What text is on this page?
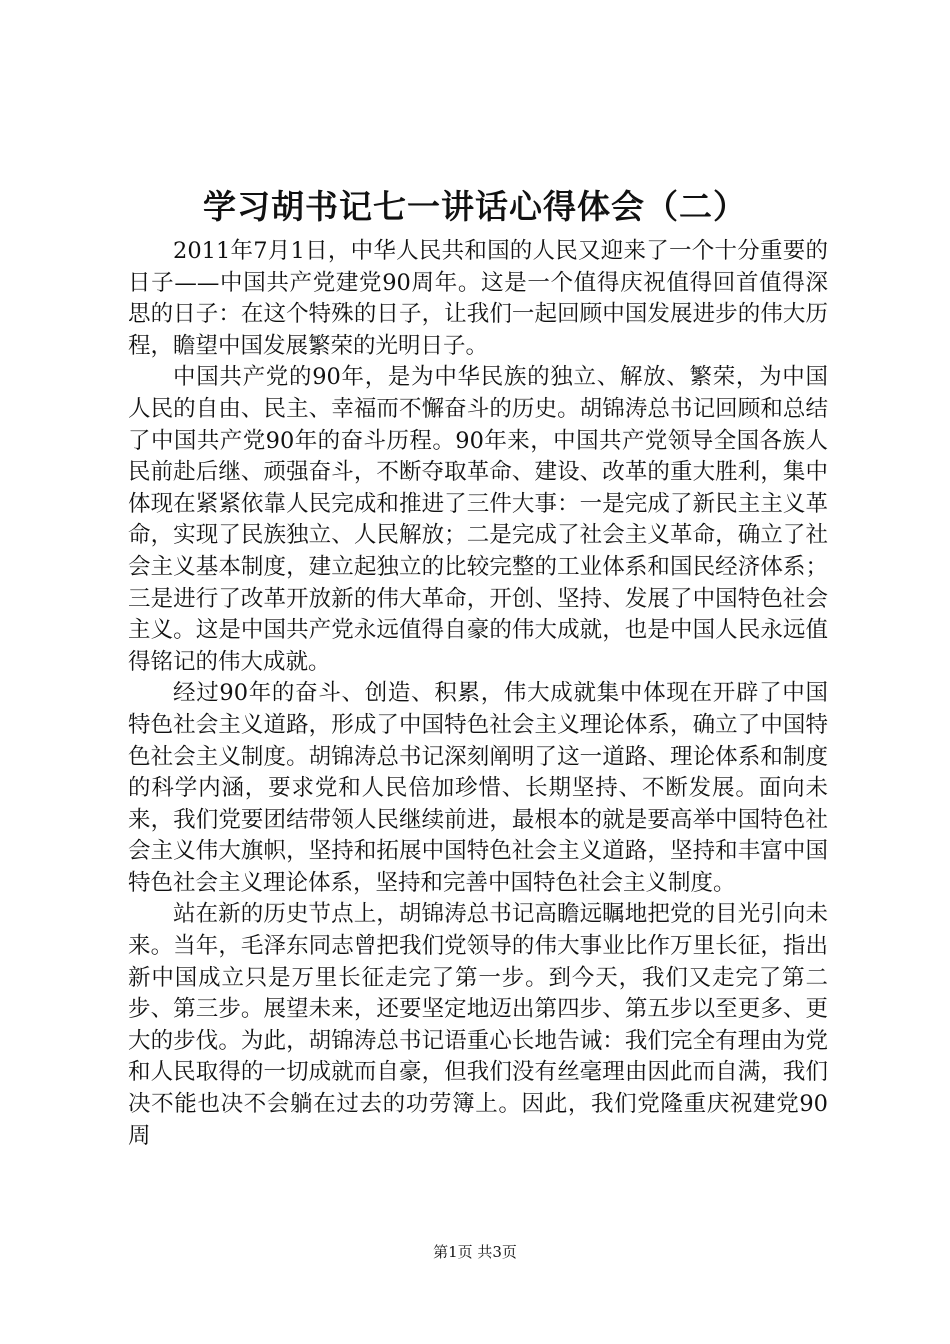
学习胡书记七一讲话心得体会（二）

2011年7月1日，中华人民共和国的人民又迎来了一个十分重要的日子——中国共产党建党90周年。这是一个值得庆祝值得回首值得深思的日子：在这个特殊的日子，让我们一起回顾中国发展进步的伟大历程，瞻望中国发展繁荣的光明日子。

中国共产党的90年，是为中华民族的独立、解放、繁荣，为中国人民的自由、民主、幸福而不懈奋斗的历史。胡锦涛总书记回顾和总结了中国共产党90年的奋斗历程。90年来，中国共产党领导全国各族人民前赴后继、顽强奋斗，不断夺取革命、建设、改革的重大胜利，集中体现在紧紧依靠人民完成和推进了三件大事：一是完成了新民主主义革命，实现了民族独立、人民解放；二是完成了社会主义革命，确立了社会主义基本制度，建立起独立的比较完整的工业体系和国民经济体系；三是进行了改革开放新的伟大革命，开创、坚持、发展了中国特色社会主义。这是中国共产党永远值得自豪的伟大成就，也是中国人民永远值得铭记的伟大成就。

经过90年的奋斗、创造、积累，伟大成就集中体现在开辟了中国特色社会主义道路，形成了中国特色社会主义理论体系，确立了中国特色社会主义制度。胡锦涛总书记深刻阐明了这一道路、理论体系和制度的科学内涵，要求党和人民倍加珍惜、长期坚持、不断发展。面向未来，我们党要团结带领人民继续前进，最根本的就是要高举中国特色社会主义伟大旗帜，坚持和拓展中国特色社会主义道路，坚持和丰富中国特色社会主义理论体系，坚持和完善中国特色社会主义制度。

站在新的历史节点上，胡锦涛总书记高瞻远瞩地把党的目光引向未来。当年，毛泽东同志曾把我们党领导的伟大事业比作万里长征，指出新中国成立只是万里长征走完了第一步。到今天，我们又走完了第二步、第三步。展望未来，还要坚定地迈出第四步、第五步以至更多、更大的步伐。为此，胡锦涛总书记语重心长地告诫：我们完全有理由为党和人民取得的一切成就而自豪，但我们没有丝毫理由因此而自满，我们决不能也决不会躺在过去的功劳簿上。因此，我们党隆重庆祝建党90周

第1页 共3页
